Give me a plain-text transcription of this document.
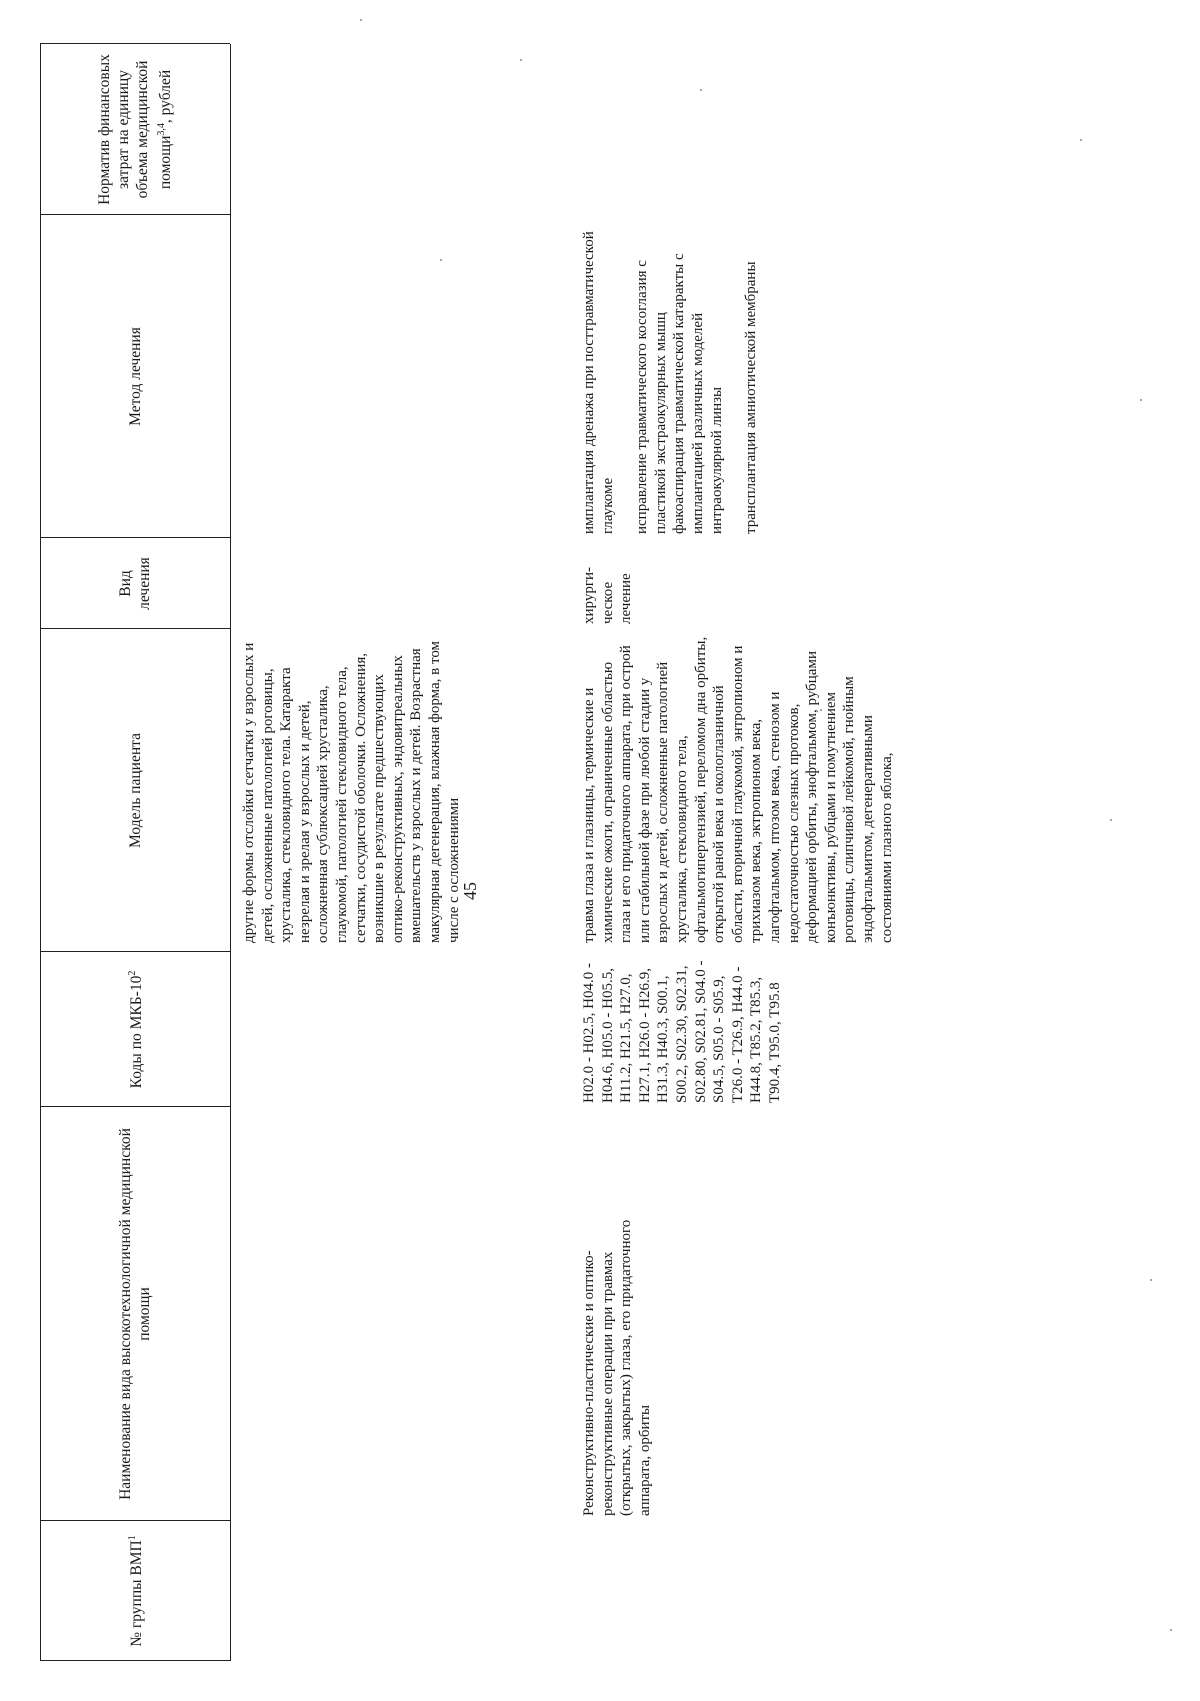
45
№ группы ВМП$^1$
Наименование вида высокотехнологичной медицинской помощи
Коды по МКБ-$10^2$
Модель пациента
Вид лечения
Метод лечения
Норматив финансовых затрат на единицу объема медицинской помощи$^{3,4}$, рублей
другие формы отслойки сетчатки у взрослых и детей, осложненные патологией роговицы, хрусталика, стекловидного тела. Катаракта незрелая и зрелая у взрослых и детей, осложненная сублюксацией хрусталика, глаукомой, патологией стекловидного тела, сетчатки, сосудистой оболочки. Осложнения, возникшие в результате предшествующих оптико-реконструктивных, эндовитреальных вмешательств у взрослых и детей. Возрастная макулярная дегенерация, влажная форма, в том числе с осложнениями
Реконструктивно-пластические и оптико-реконструктивные операции при травмах (открытых, закрытых) глаза, его придаточного аппарата, орбиты
H02.0 - H02.5, H04.0 - H04.6, H05.0 - H05.5, H11.2, H21.5, H27.0, H27.1, H26.0 - H26.9, H31.3, H40.3, S00.1, S00.2, S02.30, S02.31, S02.80, S02.81, S04.0 - S04.5, S05.0 - S05.9, T26.0 - T26.9, H44.0 - H44.8, T85.2, T85.3, T90.4, T95.0, T95.8
травма глаза и глазницы, термические и химические ожоги, ограниченные областью глаза и его придаточного аппарата, при острой или стабильной фазе при любой стадии у взрослых и детей, осложненные патологией хрусталика, стекловидного тела, офтальмогипертензией, переломом дна орбиты, открытой раной века и окологлазничной области, вторичной глаукомой, энтропионом и трихиазом века, эктропионом века, лагофтальмом, птозом века, стенозом и недостаточностью слезных протоков, деформацией орбиты, энофтальмом, рубцами конъюнктивы, рубцами и помутнением роговицы, слипчивой лейкомой, гнойным эндофтальмитом, дегенеративными состояниями глазного яблока,
хирурги-ческое лечение

имплантация дренажа при посттравматической глаукоме исправление травматического косоглазия с пластикой экстраокулярных мышц факоаспирация травматической катаракты с имплантацией различных моделей интраокулярной линзы трансплантация амниотической мембраны
